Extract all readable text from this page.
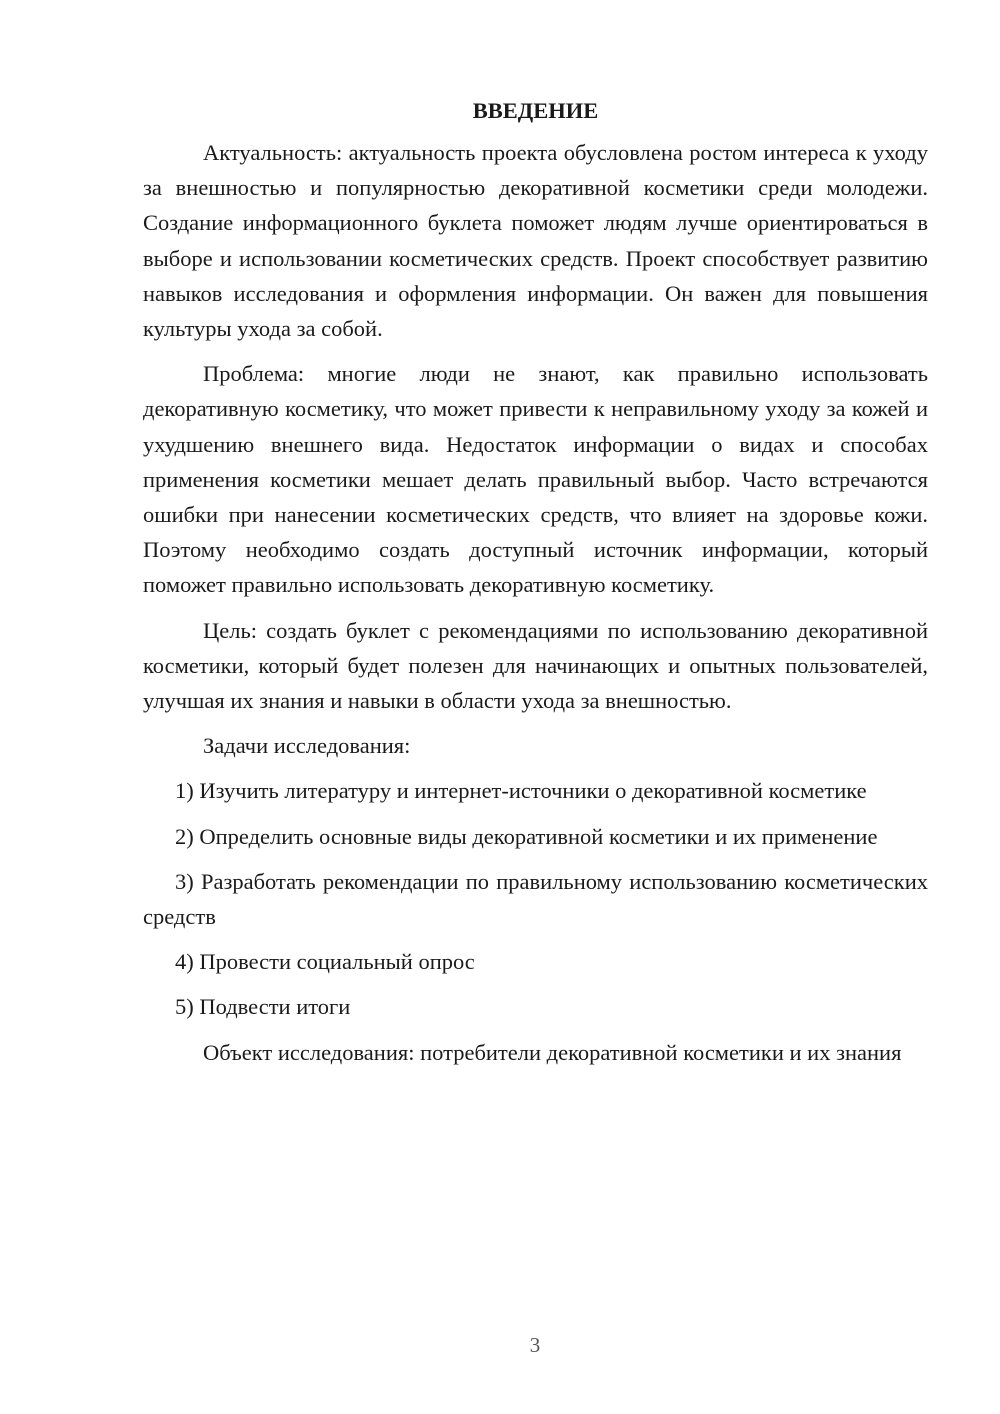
ВВЕДЕНИЕ

Актуальность: актуальность проекта обусловлена ростом интереса к уходу за внешностью и популярностью декоративной косметики среди молодежи. Создание информационного буклета поможет людям лучше ориентироваться в выборе и использовании косметических средств. Проект способствует развитию навыков исследования и оформления информации. Он важен для повышения культуры ухода за собой.

Проблема: многие люди не знают, как правильно использовать декоративную косметику, что может привести к неправильному уходу за кожей и ухудшению внешнего вида. Недостаток информации о видах и способах применения косметики мешает делать правильный выбор. Часто встречаются ошибки при нанесении косметических средств, что влияет на здоровье кожи. Поэтому необходимо создать доступный источник информации, который поможет правильно использовать декоративную косметику.

Цель: создать буклет с рекомендациями по использованию декоративной косметики, который будет полезен для начинающих и опытных пользователей, улучшая их знания и навыки в области ухода за внешностью.

Задачи исследования:

1) Изучить литературу и интернет-источники о декоративной косметике

2) Определить основные виды декоративной косметики и их применение

3) Разработать рекомендации по правильному использованию косметических средств

4) Провести социальный опрос

5) Подвести итоги

Объект исследования: потребители декоративной косметики и их знания

3
